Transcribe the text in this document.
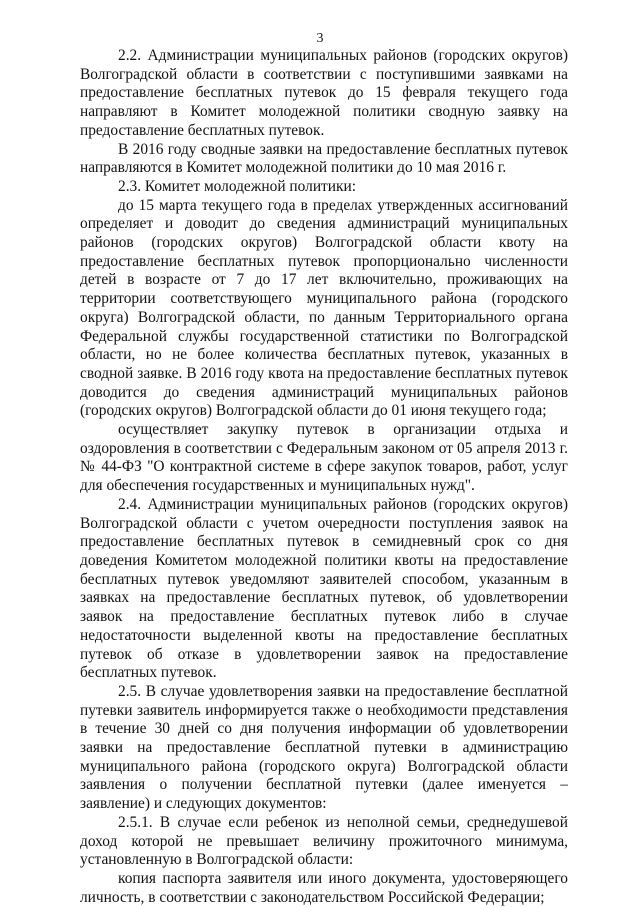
3

2.2. Администрации муниципальных районов (городских округов) Волгоградской области в соответствии с поступившими заявками на предоставление бесплатных путевок до 15 февраля текущего года направляют в Комитет молодежной политики сводную заявку на предоставление бесплатных путевок.

В 2016 году сводные заявки на предоставление бесплатных путевок направляются в Комитет молодежной политики до 10 мая 2016 г.

2.3. Комитет молодежной политики:

до 15 марта текущего года в пределах утвержденных ассигнований определяет и доводит до сведения администраций муниципальных районов (городских округов) Волгоградской области квоту на предоставление бесплатных путевок пропорционально численности детей в возрасте от 7 до 17 лет включительно, проживающих на территории соответствующего муниципального района (городского округа) Волгоградской области, по данным Территориального органа Федеральной службы государственной статистики по Волгоградской области, но не более количества бесплатных путевок, указанных в сводной заявке. В 2016 году квота на предоставление бесплатных путевок доводится до сведения администраций муниципальных районов (городских округов) Волгоградской области до 01 июня текущего года;

осуществляет закупку путевок в организации отдыха и оздоровления в соответствии с Федеральным законом от 05 апреля 2013 г. № 44-ФЗ "О контрактной системе в сфере закупок товаров, работ, услуг для обеспечения государственных и муниципальных нужд".

2.4. Администрации муниципальных районов (городских округов) Волгоградской области с учетом очередности поступления заявок на предоставление бесплатных путевок в семидневный срок со дня доведения Комитетом молодежной политики квоты на предоставление бесплатных путевок уведомляют заявителей способом, указанным в заявках на предоставление бесплатных путевок, об удовлетворении заявок на предоставление бесплатных путевок либо в случае недостаточности выделенной квоты на предоставление бесплатных путевок об отказе в удовлетворении заявок на предоставление бесплатных путевок.

2.5. В случае удовлетворения заявки на предоставление бесплатной путевки заявитель информируется также о необходимости представления в течение 30 дней со дня получения информации об удовлетворении заявки на предоставление бесплатной путевки в администрацию муниципального района (городского округа) Волгоградской области заявления о получении бесплатной путевки (далее именуется – заявление) и следующих документов:

2.5.1. В случае если ребенок из неполной семьи, среднедушевой доход которой не превышает величину прожиточного минимума, установленную в Волгоградской области:

копия паспорта заявителя или иного документа, удостоверяющего личность, в соответствии с законодательством Российской Федерации;
